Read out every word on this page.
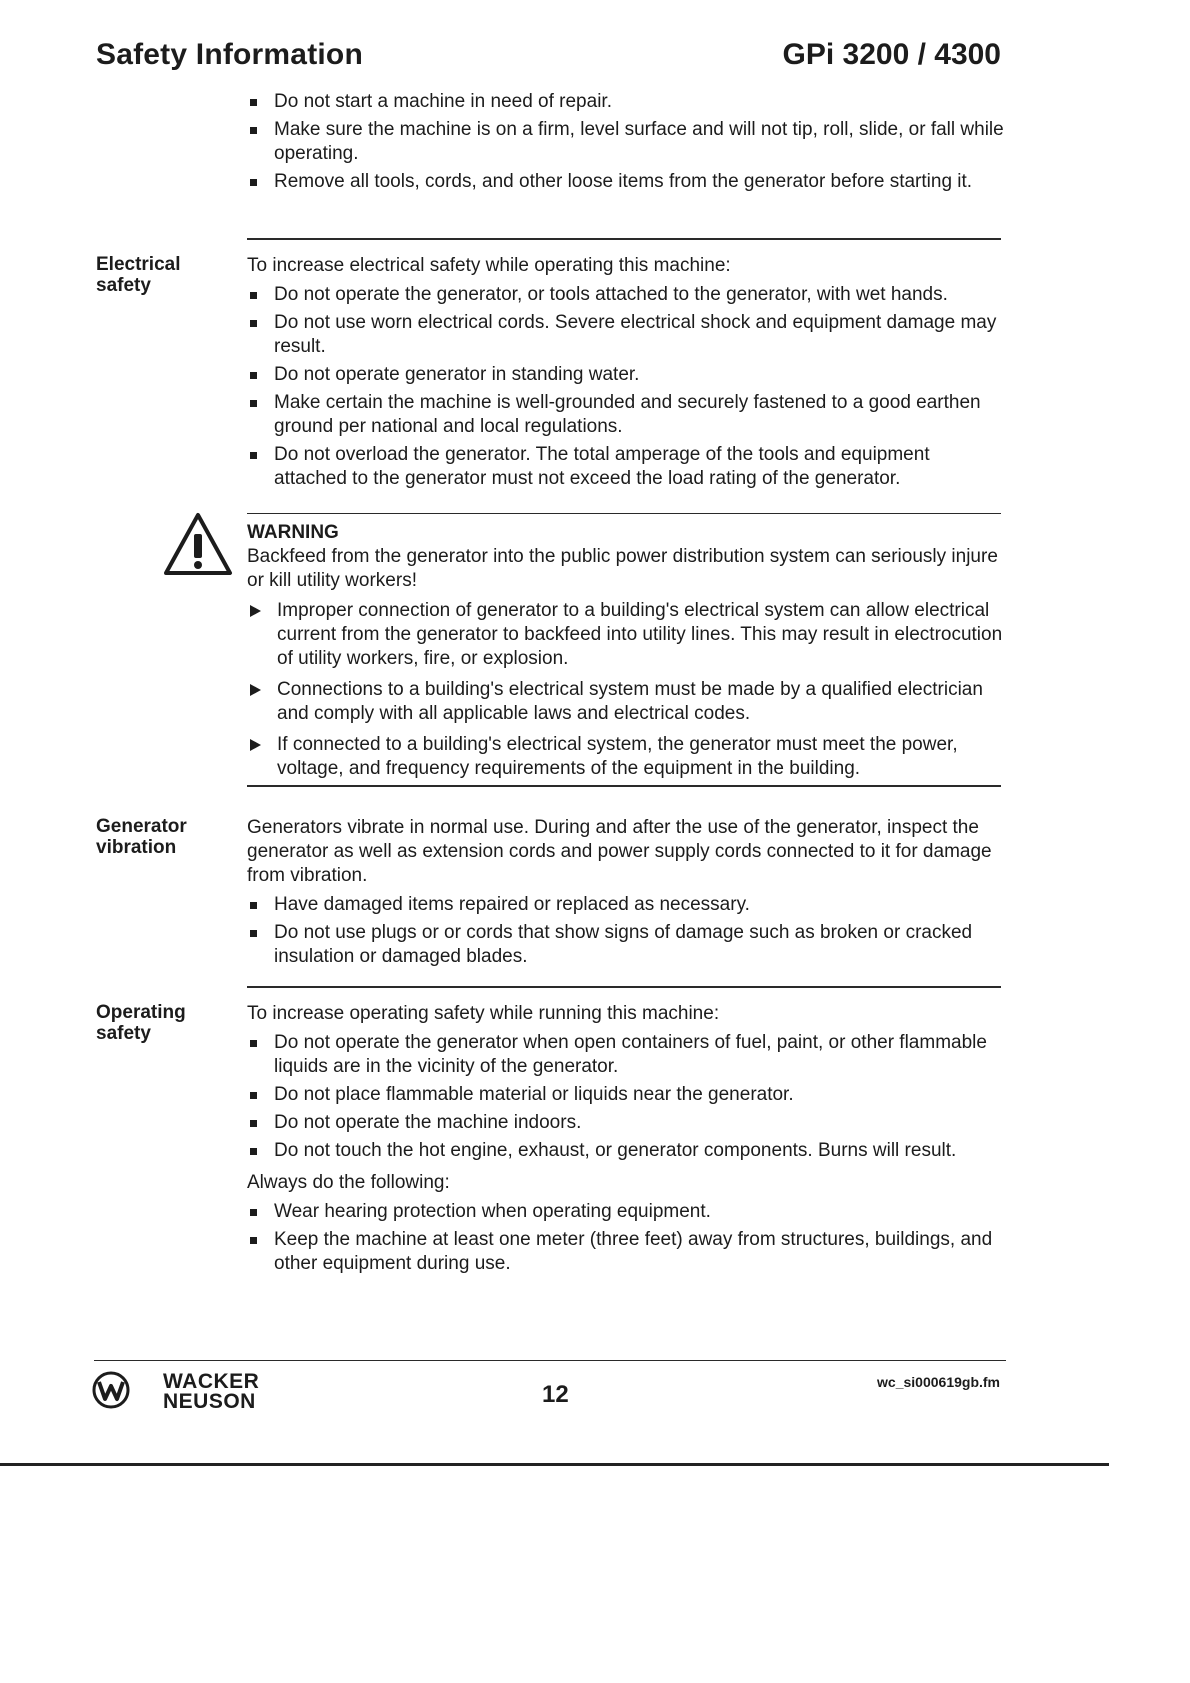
Safety Information	GPi 3200 / 4300
Do not start a machine in need of repair.
Make sure the machine is on a firm, level surface and will not tip, roll, slide, or fall while operating.
Remove all tools, cords, and other loose items from the generator before starting it.
Electrical
safety

To increase electrical safety while operating this machine:

Do not operate the generator, or tools attached to the generator, with wet hands.
Do not use worn electrical cords. Severe electrical shock and equipment damage may result.
Do not operate generator in standing water.
Make certain the machine is well-grounded and securely fastened to a good earthen ground per national and local regulations.
Do not overload the generator. The total amperage of the tools and equipment attached to the generator must not exceed the load rating of the generator.
WARNING

Backfeed from the generator into the public power distribution system can seriously injure or kill utility workers!

Improper connection of generator to a building's electrical system can allow electrical current from the generator to backfeed into utility lines. This may result in electrocution of utility workers, fire, or explosion.
Connections to a building's electrical system must be made by a qualified electrician and comply with all applicable laws and electrical codes.
If connected to a building's electrical system, the generator must meet the power, voltage, and frequency requirements of the equipment in the building.
Generator
vibration

Generators vibrate in normal use. During and after the use of the generator, inspect the generator as well as extension cords and power supply cords connected to it for damage from vibration.

Have damaged items repaired or replaced as necessary.
Do not use plugs or or cords that show signs of damage such as broken or cracked insulation or damaged blades.
Operating
safety

To increase operating safety while running this machine:

Do not operate the generator when open containers of fuel, paint, or other flammable liquids are in the vicinity of the generator.
Do not place flammable material or liquids near the generator.
Do not operate the machine indoors.
Do not touch the hot engine, exhaust, or generator components. Burns will result.

Always do the following:

Wear hearing protection when operating equipment.
Keep the machine at least one meter (three feet) away from structures, buildings, and other equipment during use.
WACKER
NEUSON	12	wc_si000619gb.fm
